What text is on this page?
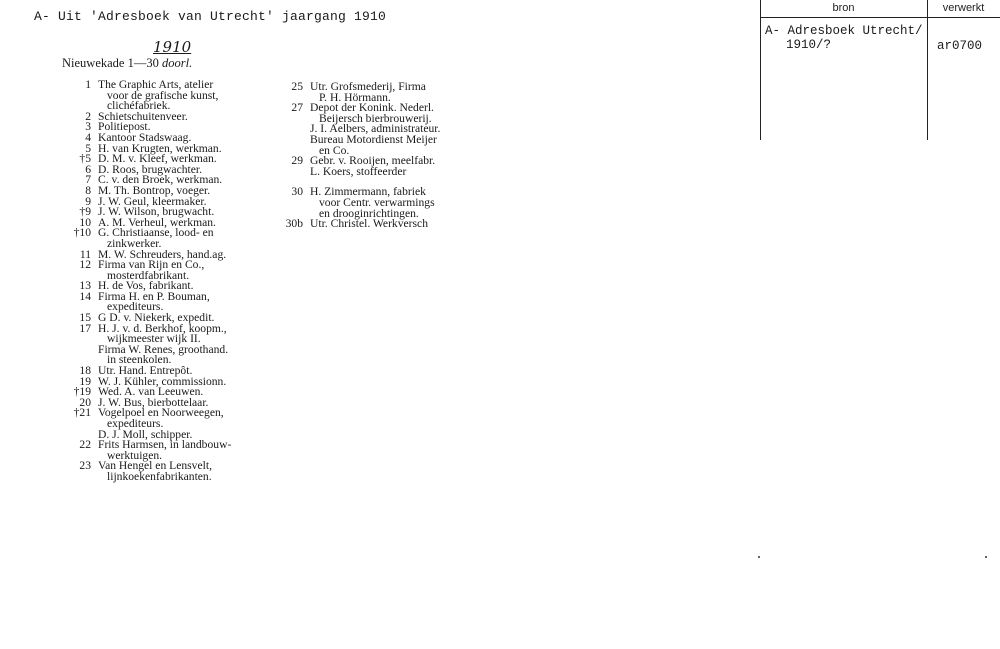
A- Uit 'Adresboek van Utrecht' jaargang 1910
1910
Nieuwekade 1—30 doorl.
1 The Graphic Arts, atelier
voor de grafische kunst,
clichéfabriek.
2 Schietschuitenveer.
3 Politiepost.
4 Kantoor Stadswaag.
5 H. van Krugten, werkman.
†5 D. M. v. Kleef, werkman.
6 D. Roos, brugwachter.
7 C. v. den Broek, werkman.
8 M. Th. Bontrop, voeger.
9 J. W. Geul, kleermaker.
†9 J. W. Wilson, brugwacht.
10 A. M. Verheul, werkman.
†10 G. Christiaanse, lood- en
zinkwerker.
11 M. W. Schreuders, hand.ag.
12 Firma van Rijn en Co.,
mosterdfabrikant.
13 H. de Vos, fabrikant.
14 Firma H. en P. Bouman,
expediteurs.
15 G D. v. Niekerk, expedit.
17 H. J. v. d. Berkhof, koopm.,
wijkmeester wijk II.
Firma W. Renes, groothand.
in steenkolen.
18 Utr. Hand. Entrepôt.
19 W. J. Kühler, commissionn.
†19 Wed. A. van Leeuwen.
20 J. W. Bus, bierbottelaar.
†21 Vogelpoel en Noorweegen,
expediteurs.
D. J. Moll, schipper.
22 Frits Harmsen, in landbouw-
werktuigen.
23 Van Hengel en Lensvelt,
lijnkoekenfabrikanten.
25 Utr. Grofsmederij, Firma
P. H. Hörmann.
27 Depot der Konink. Nederl.
Beijersch bierbrouwerij.
J. I. Aelbers, administrateur.
Bureau Motordienst Meijer
en Co.
29 Gebr. v. Rooijen, meelfabr.
L. Koers, stoffeerder
30 H. Zimmermann, fabriek
voor Centr. verwarmings
en drooginrichtingen.
30b Utr. Christel. Werkversch
bron	verwerkt
A- Adresboek Utrecht/
1910/?	ar0700
